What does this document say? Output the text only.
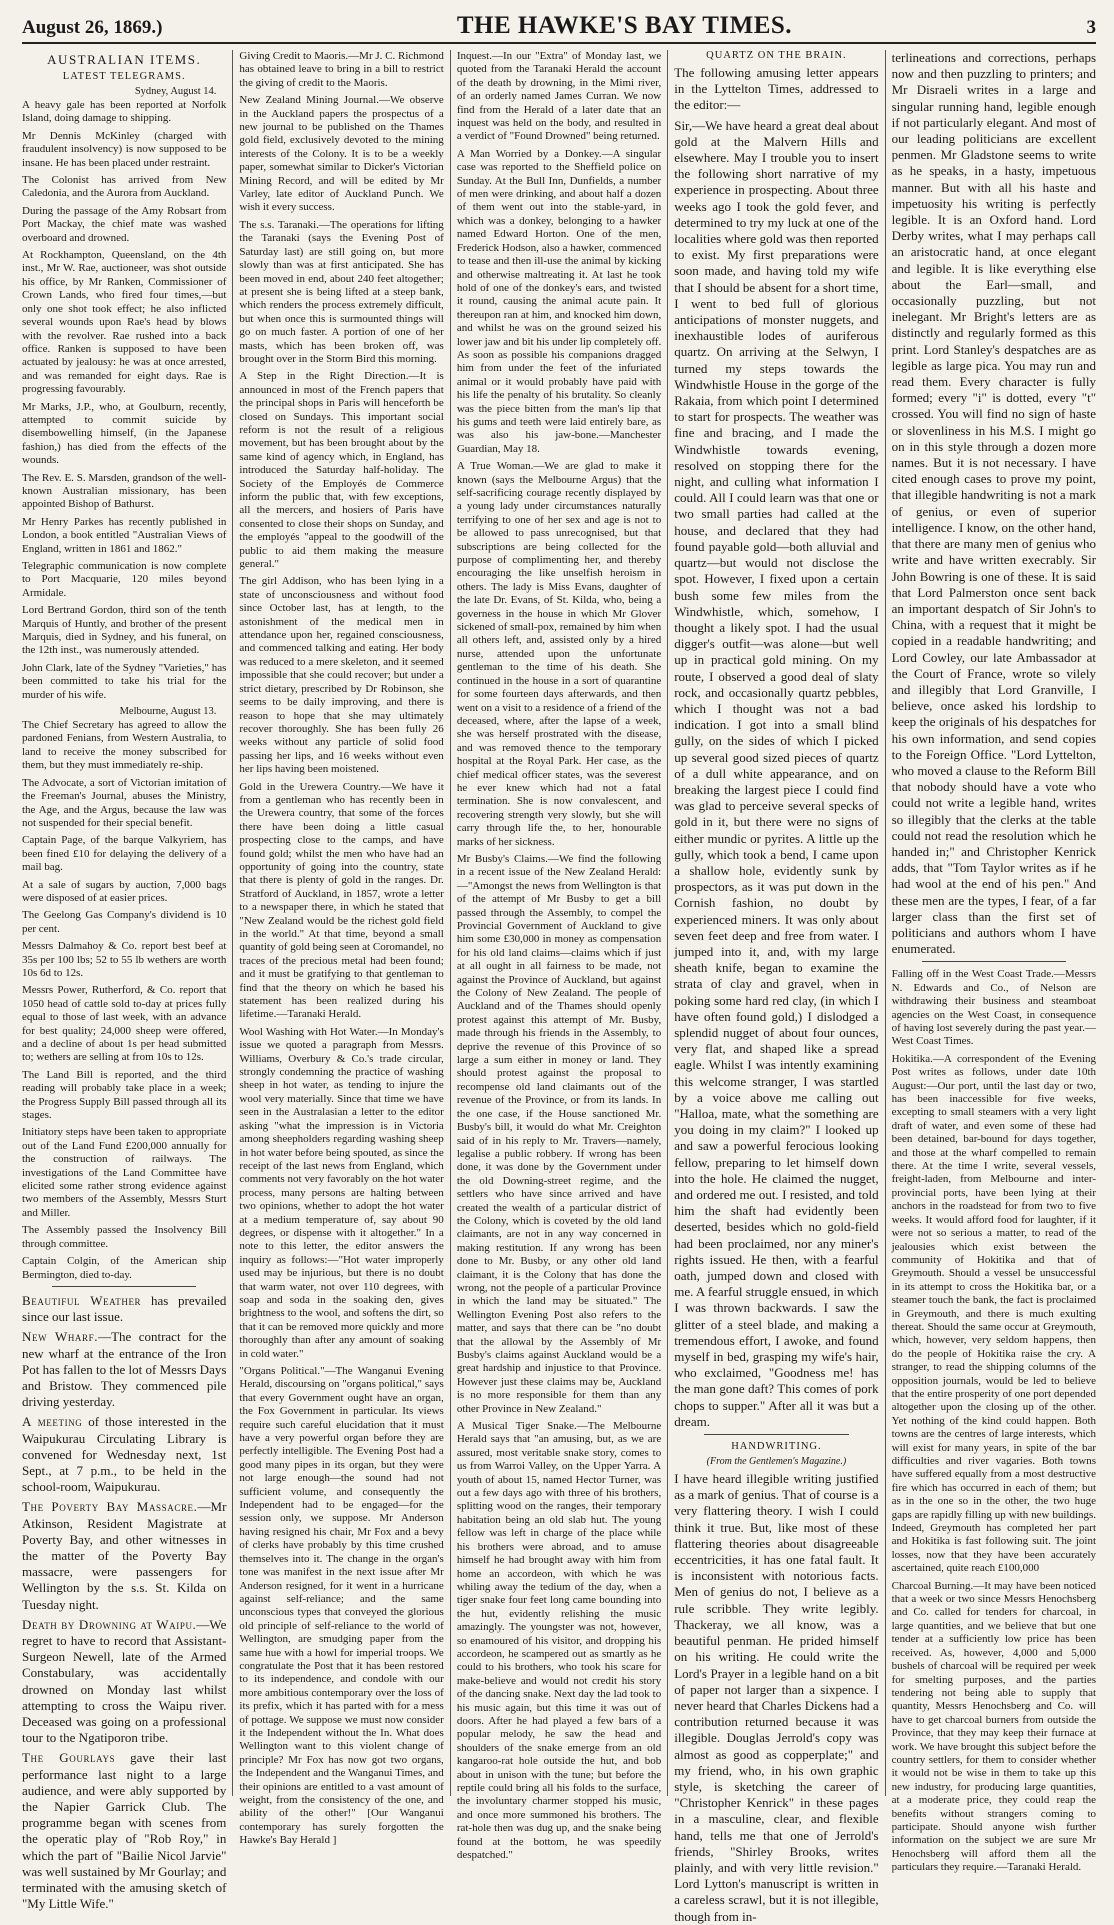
August 26, 1869.)	THE HAWKE'S BAY TIMES.	3
AUSTRALIAN ITEMS.
LATEST TELEGRAMS.
Sydney, August 14.

A heavy gale has been reported at Norfolk Island, doing damage to shipping.

Mr Dennis McKinley (charged with fraudulent insolvency) is now supposed to be insane. He has been placed under restraint.

The Colonist has arrived from New Caledonia, and the Aurora from Auckland.

During the passage of the Amy Robsart from Port Mackay, the chief mate was washed overboard and drowned.

At Rockhampton, Queensland, on the 4th inst., Mr W. Rae, auctioneer, was shot outside his office, by Mr Ranken, Commissioner of Crown Lands, who fired four times,—but only one shot took effect; he also inflicted several wounds upon Rae's head by blows with the revolver. Rae rushed into a back office. Ranken is supposed to have been actuated by jealousy: he was at once arrested, and was remanded for eight days. Rae is progressing favourably.

Mr Marks, J.P., who, at Goulburn, recently, attempted to commit suicide by disembowelling himself, (in the Japanese fashion,) has died from the effects of the wounds.

The Rev. E. S. Marsden, grandson of the well-known Australian missionary, has been appointed Bishop of Bathurst.

Mr Henry Parkes has recently published in London, a book entitled "Australian Views of England, written in 1861 and 1862."

Telegraphic communication is now complete to Port Macquarie, 120 miles beyond Armidale.

Lord Bertrand Gordon, third son of the tenth Marquis of Huntly, and brother of the present Marquis, died in Sydney, and his funeral, on the 12th inst., was numerously attended.

John Clark, late of the Sydney "Varieties," has been committed to take his trial for the murder of his wife.

Melbourne, August 13.

The Chief Secretary has agreed to allow the pardoned Fenians, from Western Australia, to land to receive the money subscribed for them, but they must immediately re-ship.

The Advocate, a sort of Victorian imitation of the Freeman's Journal, abuses the Ministry, the Age, and the Argus, because the law was not suspended for their special benefit.

Captain Page, of the barque Valkyriem, has been fined £10 for delaying the delivery of a mail bag.

At a sale of sugars by auction, 7,000 bags were disposed of at easier prices.

The Geelong Gas Company's dividend is 10 per cent.

Messrs Dalmahoy & Co. report best beef at 35s per 100 lbs; 52 to 55 lb wethers are worth 10s 6d to 12s.

Messrs Power, Rutherford, & Co. report that 1050 head of cattle sold to-day at prices fully equal to those of last week, with an advance for best quality; 24,000 sheep were offered, and a decline of about 1s per head submitted to; wethers are selling at from 10s to 12s.

The Land Bill is reported, and the third reading will probably take place in a week; the Progress Supply Bill passed through all its stages.

Initiatory steps have been taken to appropriate out of the Land Fund £200,000 annually for the construction of railways. The investigations of the Land Committee have elicited some rather strong evidence against two members of the Assembly, Messrs Sturt and Miller.

The Assembly passed the Insolvency Bill through committee.

Captain Colgin, of the American ship Bermington, died to-day.

Beautiful Weather has prevailed since our last issue.

New Wharf.—The contract for the new wharf at the entrance of the Iron Pot has fallen to the lot of Messrs Days and Bristow. They commenced pile driving yesterday.

A meeting of those interested in the Waipukurau Circulating Library is convened for Wednesday next, 1st Sept., at 7 p.m., to be held in the school-room, Waipukurau.

The Poverty Bay Massacre.—Mr Atkinson, Resident Magistrate at Poverty Bay, and other witnesses in the matter of the Poverty Bay massacre, were passengers for Wellington by the s.s. St. Kilda on Tuesday night.

Death by Drowning at Waipu.—We regret to have to record that Assistant-Surgeon Newell, late of the Armed Constabulary, was accidentally drowned on Monday last whilst attempting to cross the Waipu river. Deceased was going on a professional tour to the Ngatiporon tribe.

The Gourlays gave their last performance last night to a large audience, and were ably supported by the Napier Garrick Club. The programme began with scenes from the operatic play of "Rob Roy," in which the part of "Bailie Nicol Jarvie" was well sustained by Mr Gourlay; and terminated with the amusing sketch of "My Little Wife."

Giving Credit to Maoris.—Mr J. C. Richmond has obtained leave to bring in a bill to restrict the giving of credit to the Maoris.

New Zealand Mining Journal.—We observe in the Auckland papers the prospectus of a new journal to be published on the Thames gold field, exclusively devoted to the mining interests of the Colony. It is to be a weekly paper, somewhat similar to Dicker's Victorian Mining Record, and will be edited by Mr Varley, late editor of Auckland Punch. We wish it every success.

The s.s. Taranaki.—The operations for lifting the Taranaki (says the Evening Post of Saturday last) are still going on, but more slowly than was at first anticipated. She has been moved in end, about 240 feet altogether; at present she is being lifted at a steep bank, which renders the process extremely difficult, but when once this is surmounted things will go on much faster. A portion of one of her masts, which has been broken off, was brought over in the Storm Bird this morning.

A Step in the Right Direction.—It is announced in most of the French papers that the principal shops in Paris will henceforth be closed on Sundays. This important social reform is not the result of a religious movement, but has been brought about by the same kind of agency which, in England, has introduced the Saturday half-holiday. The Society of the Employés de Commerce inform the public that, with few exceptions, all the mercers, and hosiers of Paris have consented to close their shops on Sunday, and the employés "appeal to the goodwill of the public to aid them making the measure general."

The girl Addison, who has been lying in a state of unconsciousness and without food since October last, has at length, to the astonishment of the medical men in attendance upon her, regained consciousness, and commenced talking and eating. Her body was reduced to a mere skeleton, and it seemed impossible that she could recover; but under a strict dietary, prescribed by Dr Robinson, she seems to be daily improving, and there is reason to hope that she may ultimately recover thoroughly. She has been fully 26 weeks without any particle of solid food passing her lips, and 16 weeks without even her lips having been moistened.

Gold in the Urewera Country.—We have it from a gentleman who has recently been in the Urewera country, that some of the forces there have been doing a little casual prospecting close to the camps, and have found gold; whilst the men who have had an opportunity of going into the country, state that there is plenty of gold in the ranges. Dr. Stratford of Auckland, in 1857, wrote a letter to a newspaper there, in which he stated that "New Zealand would be the richest gold field in the world." At that time, beyond a small quantity of gold being seen at Coromandel, no traces of the precious metal had been found; and it must be gratifying to that gentleman to find that the theory on which he based his statement has been realized during his lifetime.—Taranaki Herald.

Wool Washing with Hot Water.—In Monday's issue we quoted a paragraph from Messrs. Williams, Overbury & Co.'s trade circular, strongly condemning the practice of washing sheep in hot water, as tending to injure the wool very materially. Since that time we have seen in the Australasian a letter to the editor asking "what the impression is in Victoria among sheepholders regarding washing sheep in hot water before being spouted, as since the receipt of the last news from England, which comments not very favorably on the hot water process, many persons are halting between two opinions, whether to adopt the hot water at a medium temperature of, say about 90 degrees, or dispense with it altogether." In a note to this letter, the editor answers the inquiry as follows:—"Hot water improperly used may be injurious, but there is no doubt that warm water, not over 110 degrees, with soap and soda in the soaking den, gives brightness to the wool, and softens the dirt, so that it can be removed more quickly and more thoroughly than after any amount of soaking in cold water."

"Organs Political."—The Wanganui Evening Herald, discoursing on "organs political," says that every Government ought have an organ, the Fox Government in particular. Its views require such careful elucidation that it must have a very powerful organ before they are perfectly intelligible. The Evening Post had a good many pipes in its organ, but they were not large enough—the sound had not sufficient volume, and consequently the Independent had to be engaged—for the session only, we suppose. Mr Anderson having resigned his chair, Mr Fox and a bevy of clerks have probably by this time crushed themselves into it. The change in the organ's tone was manifest in the next issue after Mr Anderson resigned, for it went in a hurricane against self-reliance; and the same unconscious types that conveyed the glorious old principle of self-reliance to the world of Wellington, are smudging paper from the same hue with a howl for imperial troops. We congratulate the Post that it has been restored to its independence, and condole with our more ambitious contemporary over the loss of its prefix, which it has parted with for a mess of pottage. We suppose we must now consider it the Independent without the In. What does Wellington want to this violent change of principle? Mr Fox has now got two organs, the Independent and the Wanganui Times, and their opinions are entitled to a vast amount of weight, from the consistency of the one, and ability of the other!" [Our Wanganui contemporary has surely forgotten the Hawke's Bay Herald ]

Inquest.—In our "Extra" of Monday last, we quoted from the Taranaki Herald the account of the death by drowning, in the Mimi river, of an orderly named James Curran. We now find from the Herald of a later date that an inquest was held on the body, and resulted in a verdict of "Found Drowned" being returned.

A Man Worried by a Donkey.—A singular case was reported to the Sheffield police on Sunday. At the Bull Inn, Dunfields, a number of men were drinking, and about half a dozen of them went out into the stable-yard, in which was a donkey, belonging to a hawker named Edward Horton. One of the men, Frederick Hodson, also a hawker, commenced to tease and then ill-use the animal by kicking and otherwise maltreating it. At last he took hold of one of the donkey's ears, and twisted it round, causing the animal acute pain. It thereupon ran at him, and knocked him down, and whilst he was on the ground seized his lower jaw and bit his under lip completely off. As soon as possible his companions dragged him from under the feet of the infuriated animal or it would probably have paid with his life the penalty of his brutality. So cleanly was the piece bitten from the man's lip that his gums and teeth were laid entirely bare, as was also his jaw-bone.—Manchester Guardian, May 18.

A True Woman.—We are glad to make it known (says the Melbourne Argus) that the self-sacrificing courage recently displayed by a young lady under circumstances naturally terrifying to one of her sex and age is not to be allowed to pass unrecognised, but that subscriptions are being collected for the purpose of complimenting her, and thereby encouraging the like unselfish heroism in others. The lady is Miss Evans, daughter of the late Dr. Evans, of St. Kilda, who, being a governess in the house in which Mr Glover sickened of small-pox, remained by him when all others left, and, assisted only by a hired nurse, attended upon the unfortunate gentleman to the time of his death. She continued in the house in a sort of quarantine for some fourteen days afterwards, and then went on a visit to a residence of a friend of the deceased, where, after the lapse of a week, she was herself prostrated with the disease, and was removed thence to the temporary hospital at the Royal Park. Her case, as the chief medical officer states, was the severest he ever knew which had not a fatal termination. She is now convalescent, and recovering strength very slowly, but she will carry through life the, to her, honourable marks of her sickness.

Mr Busby's Claims.—We find the following in a recent issue of the New Zealand Herald:—"Amongst the news from Wellington is that of the attempt of Mr Busby to get a bill passed through the Assembly, to compel the Provincial Government of Auckland to give him some £30,000 in money as compensation for his old land claims—claims which if just at all ought in all fairness to be made, not against the Province of Auckland, but against the Colony of New Zealand. The people of Auckland and of the Thames should openly protest against this attempt of Mr. Busby, made through his friends in the Assembly, to deprive the revenue of this Province of so large a sum either in money or land. They should protest against the proposal to recompense old land claimants out of the revenue of the Province, or from its lands. In the one case, if the House sanctioned Mr. Busby's bill, it would do what Mr. Creighton said of in his reply to Mr. Travers—namely, legalise a public robbery. If wrong has been done, it was done by the Government under the old Downing-street regime, and the settlers who have since arrived and have created the wealth of a particular district of the Colony, which is coveted by the old land claimants, are not in any way concerned in making restitution. If any wrong has been done to Mr. Busby, or any other old land claimant, it is the Colony that has done the wrong, not the people of a particular Province in which the land may be situated." The Wellington Evening Post also refers to the matter, and says that there can be "no doubt that the allowal by the Assembly of Mr Busby's claims against Auckland would be a great hardship and injustice to that Province. However just these claims may be, Auckland is no more responsible for them than any other Province in New Zealand."

A Musical Tiger Snake.—The Melbourne Herald says that "an amusing, but, as we are assured, most veritable snake story, comes to us from Warroi Valley, on the Upper Yarra. A youth of about 15, named Hector Turner, was out a few days ago with three of his brothers, splitting wood on the ranges, their temporary habitation being an old slab hut. The young fellow was left in charge of the place while his brothers were abroad, and to amuse himself he had brought away with him from home an accordeon, with which he was whiling away the tedium of the day, when a tiger snake four feet long came bounding into the hut, evidently relishing the music amazingly. The youngster was not, however, so enamoured of his visitor, and dropping his accordeon, he scampered out as smartly as he could to his brothers, who took his scare for make-believe and would not credit his story of the dancing snake. Next day the lad took to his music again, but this time it was out of doors. After he had played a few bars of a popular melody, he saw the head and shoulders of the snake emerge from an old kangaroo-rat hole outside the hut, and bob about in unison with the tune; but before the reptile could bring all his folds to the surface, the involuntary charmer stopped his music, and once more summoned his brothers. The rat-hole then was dug up, and the snake being found at the bottom, he was speedily despatched."

QUARTZ ON THE BRAIN.

The following amusing letter appears in the Lyttelton Times, addressed to the editor:—

Sir,—We have heard a great deal about gold at the Malvern Hills and elsewhere. May I trouble you to insert the following short narrative of my experience in prospecting. About three weeks ago I took the gold fever, and determined to try my luck at one of the localities where gold was then reported to exist. My first preparations were soon made, and having told my wife that I should be absent for a short time, I went to bed full of glorious anticipations of monster nuggets, and inexhaustible lodes of auriferous quartz. On arriving at the Selwyn, I turned my steps towards the Windwhistle House in the gorge of the Rakaia, from which point I determined to start for prospects. The weather was fine and bracing, and I made the Windwhistle towards evening, resolved on stopping there for the night, and culling what information I could. All I could learn was that one or two small parties had called at the house, and declared that they had found payable gold—both alluvial and quartz—but would not disclose the spot. However, I fixed upon a certain bush some few miles from the Windwhistle, which, somehow, I thought a likely spot. I had the usual digger's outfit—was alone—but well up in practical gold mining. On my route, I observed a good deal of slaty rock, and occasionally quartz pebbles, which I thought was not a bad indication. I got into a small blind gully, on the sides of which I picked up several good sized pieces of quartz of a dull white appearance, and on breaking the largest piece I could find was glad to perceive several specks of gold in it, but there were no signs of either mundic or pyrites. A little up the gully, which took a bend, I came upon a shallow hole, evidently sunk by prospectors, as it was put down in the Cornish fashion, no doubt by experienced miners. It was only about seven feet deep and free from water. I jumped into it, and, with my large sheath knife, began to examine the strata of clay and gravel, when in poking some hard red clay, (in which I have often found gold,) I dislodged a splendid nugget of about four ounces, very flat, and shaped like a spread eagle. Whilst I was intently examining this welcome stranger, I was startled by a voice above me calling out "Halloa, mate, what the something are you doing in my claim?" I looked up and saw a powerful ferocious looking fellow, preparing to let himself down into the hole. He claimed the nugget, and ordered me out. I resisted, and told him the shaft had evidently been deserted, besides which no gold-field had been proclaimed, nor any miner's rights issued. He then, with a fearful oath, jumped down and closed with me. A fearful struggle ensued, in which I was thrown backwards. I saw the glitter of a steel blade, and making a tremendous effort, I awoke, and found myself in bed, grasping my wife's hair, who exclaimed, "Goodness me! has the man gone daft? This comes of pork chops to supper." After all it was but a dream.

HANDWRITING.
(From the Gentlemen's Magazine.)

I have heard illegible writing justified as a mark of genius. That of course is a very flattering theory. I wish I could think it true. But, like most of these flattering theories about disagreeable eccentricities, it has one fatal fault. It is inconsistent with notorious facts. Men of genius do not, I believe as a rule scribble. They write legibly. Thackeray, we all know, was a beautiful penman. He prided himself on his writing. He could write the Lord's Prayer in a legible hand on a bit of paper not larger than a sixpence. I never heard that Charles Dickens had a contribution returned because it was illegible. Douglas Jerrold's copy was almost as good as copperplate;" and my friend, who, in his own graphic style, is sketching the career of "Christopher Kenrick" in these pages in a masculine, clear, and flexible hand, tells me that one of Jerrold's friends, "Shirley Brooks, writes plainly, and with very little revision." Lord Lytton's manuscript is written in a careless scrawl, but it is not illegible, though from in-

terlineations and corrections, perhaps now and then puzzling to printers; and Mr Disraeli writes in a large and singular running hand, legible enough if not particularly elegant. And most of our leading politicians are excellent penmen. Mr Gladstone seems to write as he speaks, in a hasty, impetuous manner. But with all his haste and impetuosity his writing is perfectly legible. It is an Oxford hand. Lord Derby writes, what I may perhaps call an aristocratic hand, at once elegant and legible. It is like everything else about the Earl—small, and occasionally puzzling, but not inelegant. Mr Bright's letters are as distinctly and regularly formed as this print. Lord Stanley's despatches are as legible as large pica. You may run and read them. Every character is fully formed; every "i" is dotted, every "t" crossed. You will find no sign of haste or slovenliness in his M.S. I might go on in this style through a dozen more names. But it is not necessary. I have cited enough cases to prove my point, that illegible handwriting is not a mark of genius, or even of superior intelligence. I know, on the other hand, that there are many men of genius who write and have written execrably. Sir John Bowring is one of these. It is said that Lord Palmerston once sent back an important despatch of Sir John's to China, with a request that it might be copied in a readable handwriting; and Lord Cowley, our late Ambassador at the Court of France, wrote so vilely and illegibly that Lord Granville, I believe, once asked his lordship to keep the originals of his despatches for his own information, and send copies to the Foreign Office. "Lord Lyttelton, who moved a clause to the Reform Bill that nobody should have a vote who could not write a legible hand, writes so illegibly that the clerks at the table could not read the resolution which he handed in;" and Christopher Kenrick adds, that "Tom Taylor writes as if he had wool at the end of his pen." And these men are the types, I fear, of a far larger class than the first set of politicians and authors whom I have enumerated.

Falling off in the West Coast Trade.—Messrs N. Edwards and Co., of Nelson are withdrawing their business and steamboat agencies on the West Coast, in consequence of having lost severely during the past year.—West Coast Times.

Hokitika.—A correspondent of the Evening Post writes as follows, under date 10th August:—Our port, until the last day or two, has been inaccessible for five weeks, excepting to small steamers with a very light draft of water, and even some of these had been detained, bar-bound for days together, and those at the wharf compelled to remain there. At the time I write, several vessels, freight-laden, from Melbourne and inter-provincial ports, have been lying at their anchors in the roadstead for from two to five weeks. It would afford food for laughter, if it were not so serious a matter, to read of the jealousies which exist between the community of Hokitika and that of Greymouth. Should a vessel be unsuccessful in its attempt to cross the Hokitika bar, or a steamer touch the bank, the fact is proclaimed in Greymouth, and there is much exulting thereat. Should the same occur at Greymouth, which, however, very seldom happens, then do the people of Hokitika raise the cry. A stranger, to read the shipping columns of the opposition journals, would be led to believe that the entire prosperity of one port depended altogether upon the closing up of the other. Yet nothing of the kind could happen. Both towns are the centres of large interests, which will exist for many years, in spite of the bar difficulties and river vagaries. Both towns have suffered equally from a most destructive fire which has occurred in each of them; but as in the one so in the other, the two huge gaps are rapidly filling up with new buildings. Indeed, Greymouth has completed her part and Hokitika is fast following suit. The joint losses, now that they have been accurately ascertained, quite reach £100,000

Charcoal Burning.—It may have been noticed that a week or two since Messrs Henochsberg and Co. called for tenders for charcoal, in large quantities, and we believe that but one tender at a sufficiently low price has been received. As, however, 4,000 and 5,000 bushels of charcoal will be required per week for smelting purposes, and the parties tendering not being able to supply that quantity, Messrs Henochsberg and Co. will have to get charcoal burners from outside the Province, that they may keep their furnace at work. We have brought this subject before the country settlers, for them to consider whether it would not be wise in them to take up this new industry, for producing large quantities, at a moderate price, they could reap the benefits without strangers coming to participate. Should anyone wish further information on the subject we are sure Mr Henochsberg will afford them all the particulars they require.—Taranaki Herald.
